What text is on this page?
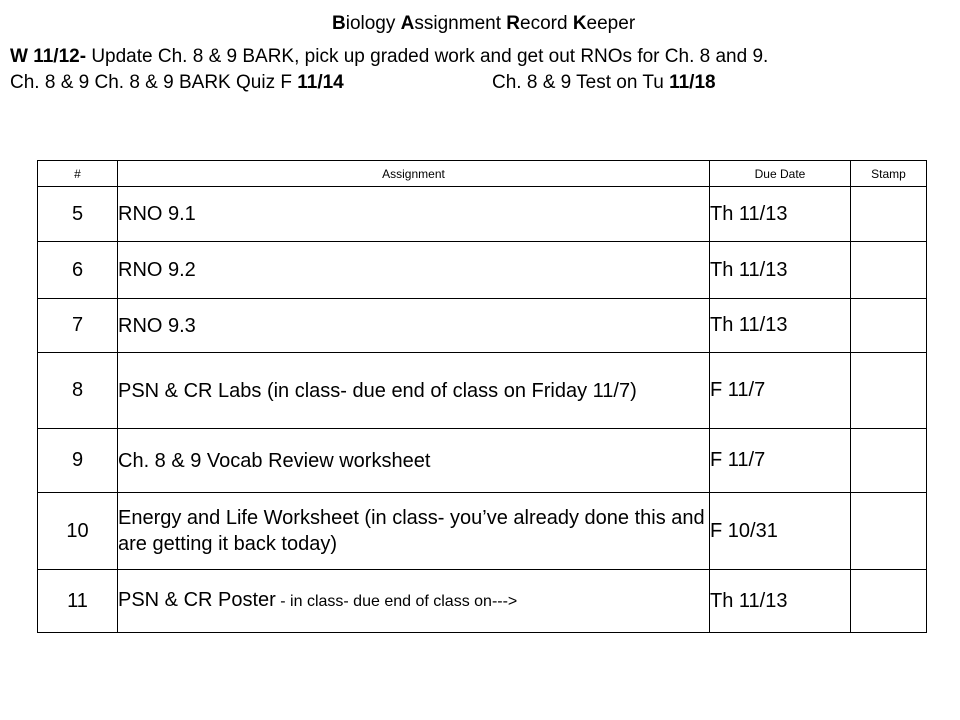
Biology Assignment Record Keeper
W 11/12- Update Ch. 8 & 9 BARK, pick up graded work and get out RNOs for Ch. 8 and 9.
Ch. 8 & 9 Ch. 8 & 9 BARK Quiz F 11/14	Ch. 8 & 9 Test on Tu 11/18
#	Assignment	Due Date	Stamp
5	RNO 9.1	Th 11/13	
6	RNO 9.2	Th 11/13	
7	RNO 9.3	Th 11/13	
8	PSN & CR Labs (in class- due end of class on Friday 11/7)	F 11/7	
9	Ch. 8 & 9 Vocab Review worksheet	F 11/7	
10	Energy and Life Worksheet (in class- you’ve already done this and are getting it back today)	F 10/31	
11	PSN & CR Poster - in class- due end of class on--->	Th 11/13	
